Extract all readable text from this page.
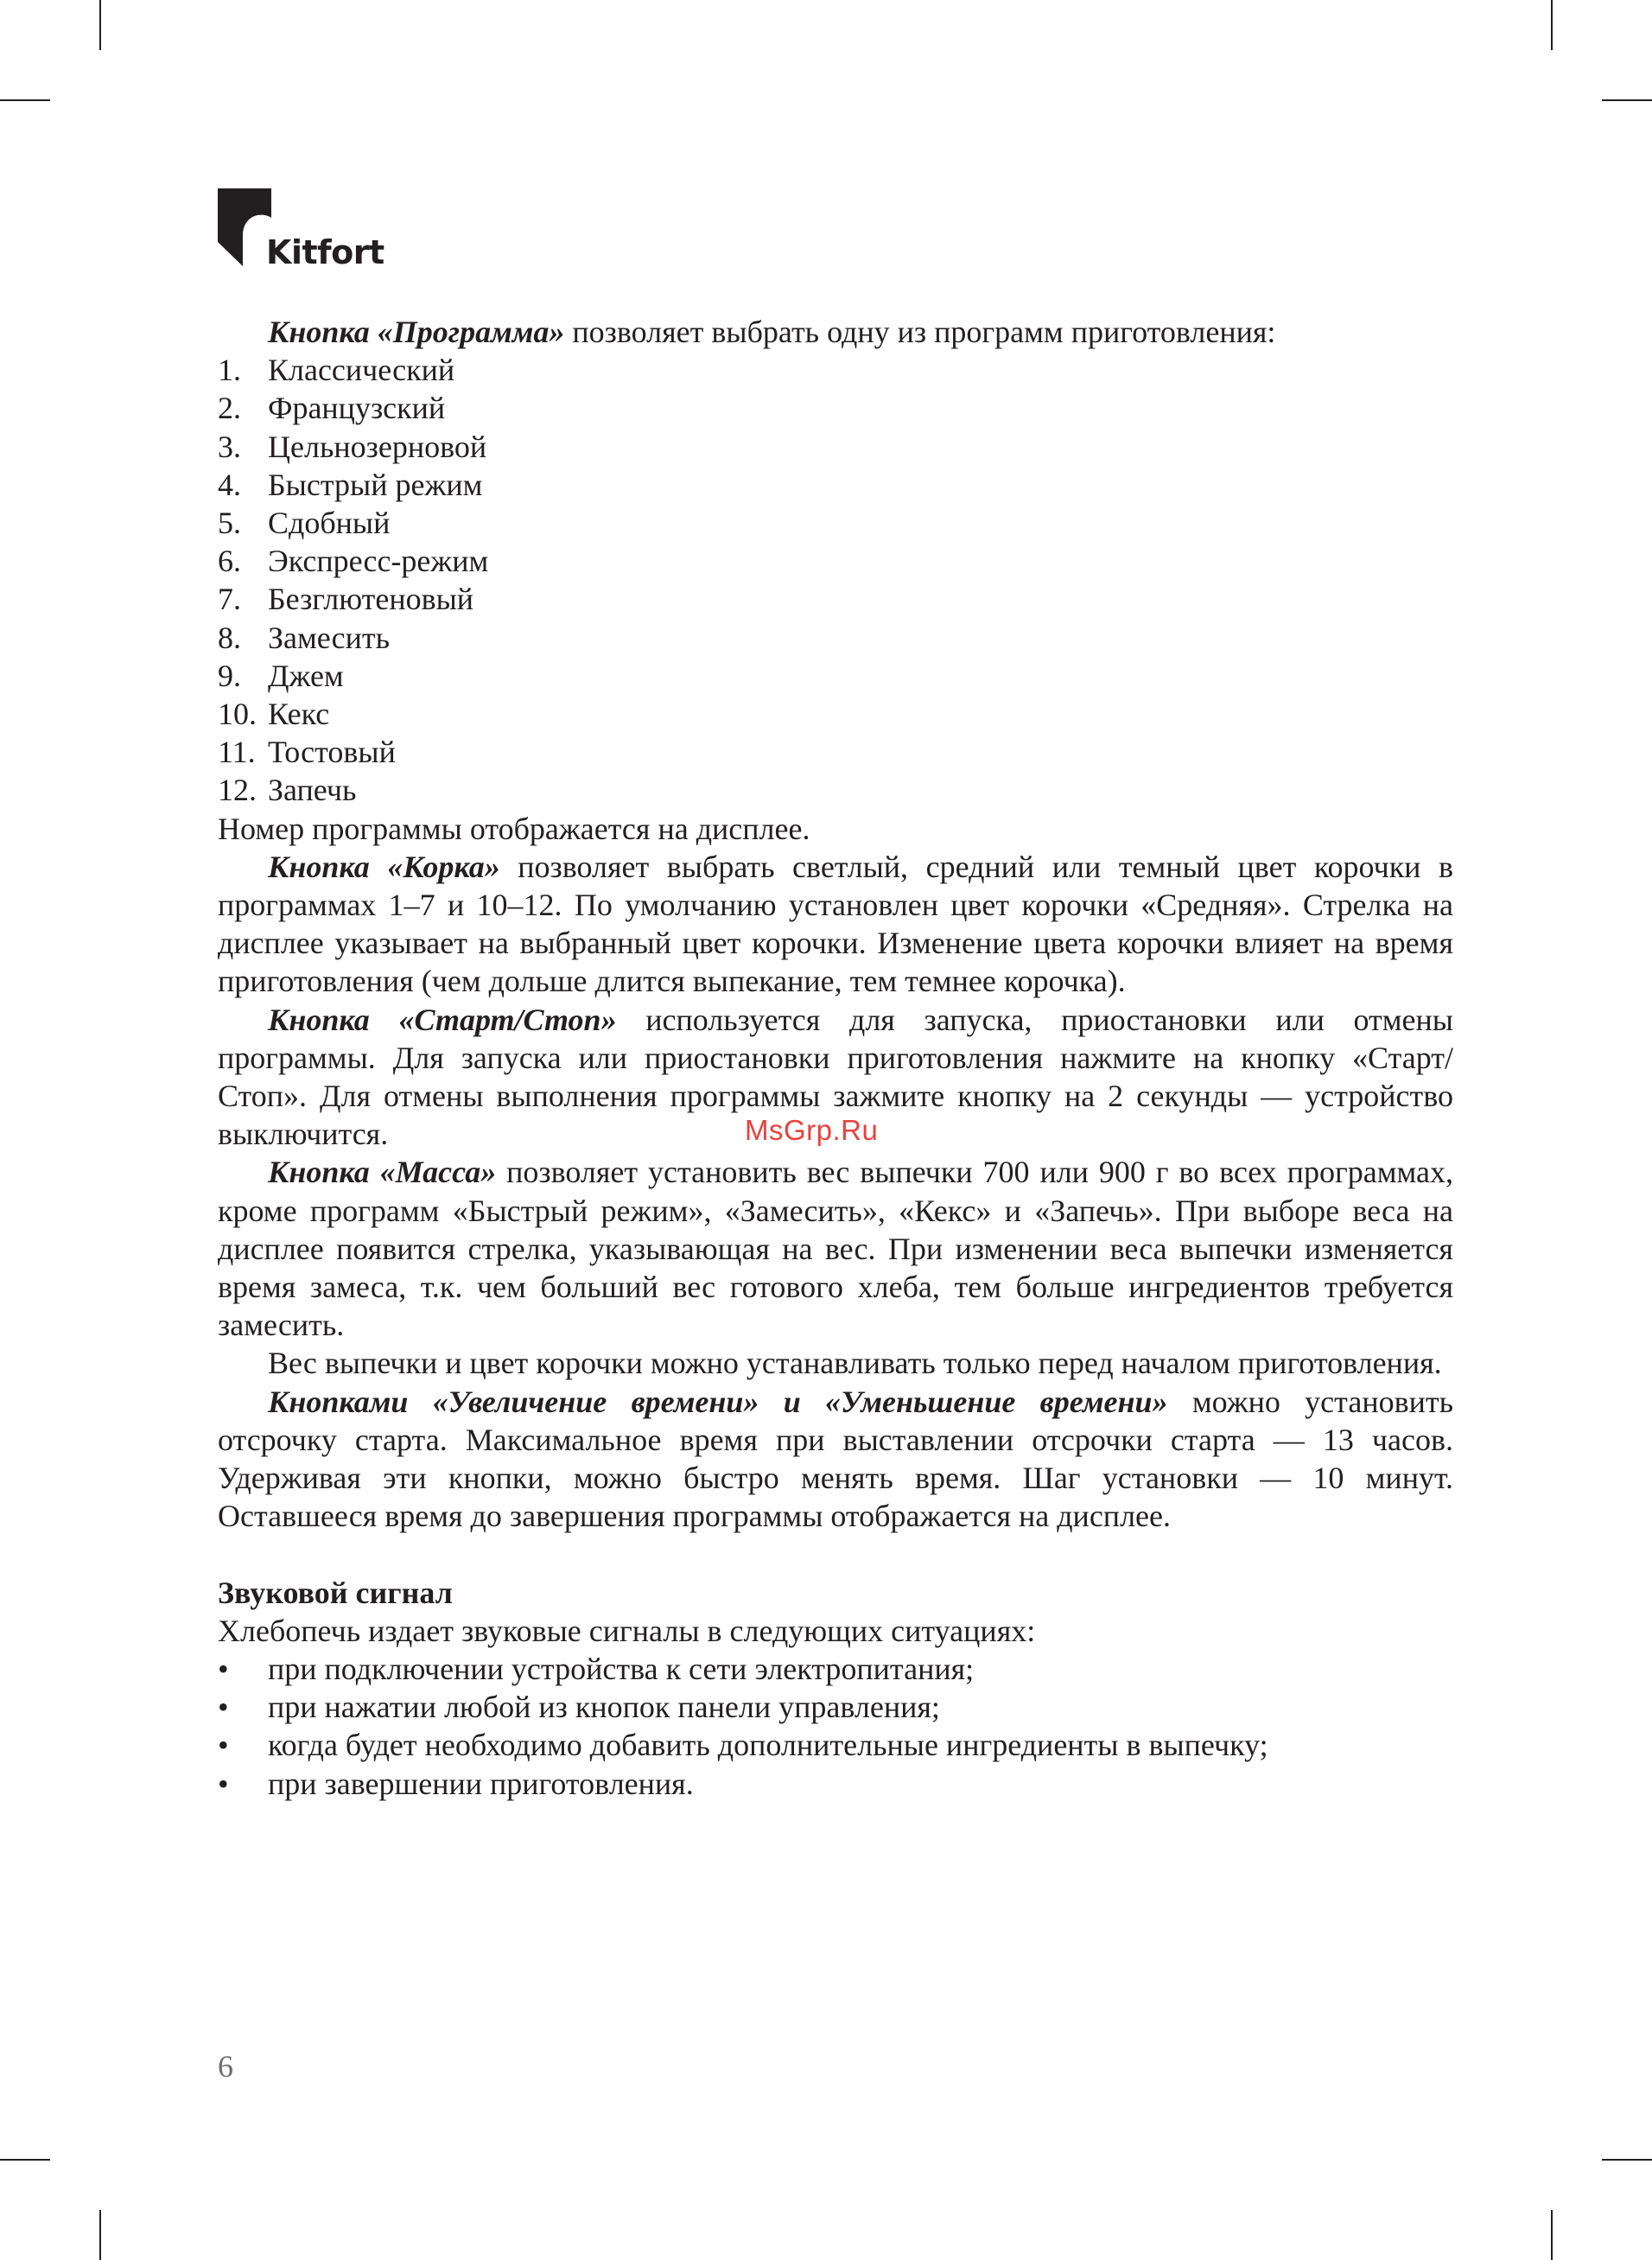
Kitfort

Кнопка «Программа» позволяет выбрать одну из программ приготовления:

1. Классический
2. Французский
3. Цельнозерновой
4. Быстрый режим
5. Сдобный
6. Экспресс-режим
7. Безглютеновый
8. Замесить
9. Джем
10. Кекс
11. Тостовый
12. Запечь

Номер программы отображается на дисплее.

Кнопка «Корка» позволяет выбрать светлый, средний или темный цвет корочки в программах 1–7 и 10–12. По умолчанию установлен цвет корочки «Средняя». Стрелка на дисплее указывает на выбранный цвет корочки. Изменение цвета корочки влияет на время приготовления (чем дольше длится выпекание, тем темнее корочка).

Кнопка «Старт/Стоп» используется для запуска, приостановки или отмены программы. Для запуска или приостановки приготовления нажмите на кнопку «Старт/Стоп». Для отмены выполнения программы зажмите кнопку на 2 секунды — устройство выключится.

Кнопка «Масса» позволяет установить вес выпечки 700 или 900 г во всех программах, кроме программ «Быстрый режим», «Замесить», «Кекс» и «Запечь». При выборе веса на дисплее появится стрелка, указывающая на вес. При изменении веса выпечки изменяется время замеса, т.к. чем больший вес готового хлеба, тем больше ингредиентов требуется замесить.

Вес выпечки и цвет корочки можно устанавливать только перед началом приготовления.

Кнопками «Увеличение времени» и «Уменьшение времени» можно установить отсрочку старта. Максимальное время при выставлении отсрочки старта — 13 часов. Удерживая эти кнопки, можно быстро менять время. Шаг установки — 10 минут. Оставшееся время до завершения программы отображается на дисплее.

Звуковой сигнал

Хлебопечь издает звуковые сигналы в следующих ситуациях:

• при подключении устройства к сети электропитания;
• при нажатии любой из кнопок панели управления;
• когда будет необходимо добавить дополнительные ингредиенты в выпечку;
• при завершении приготовления.
MsGrp.Ru
6
